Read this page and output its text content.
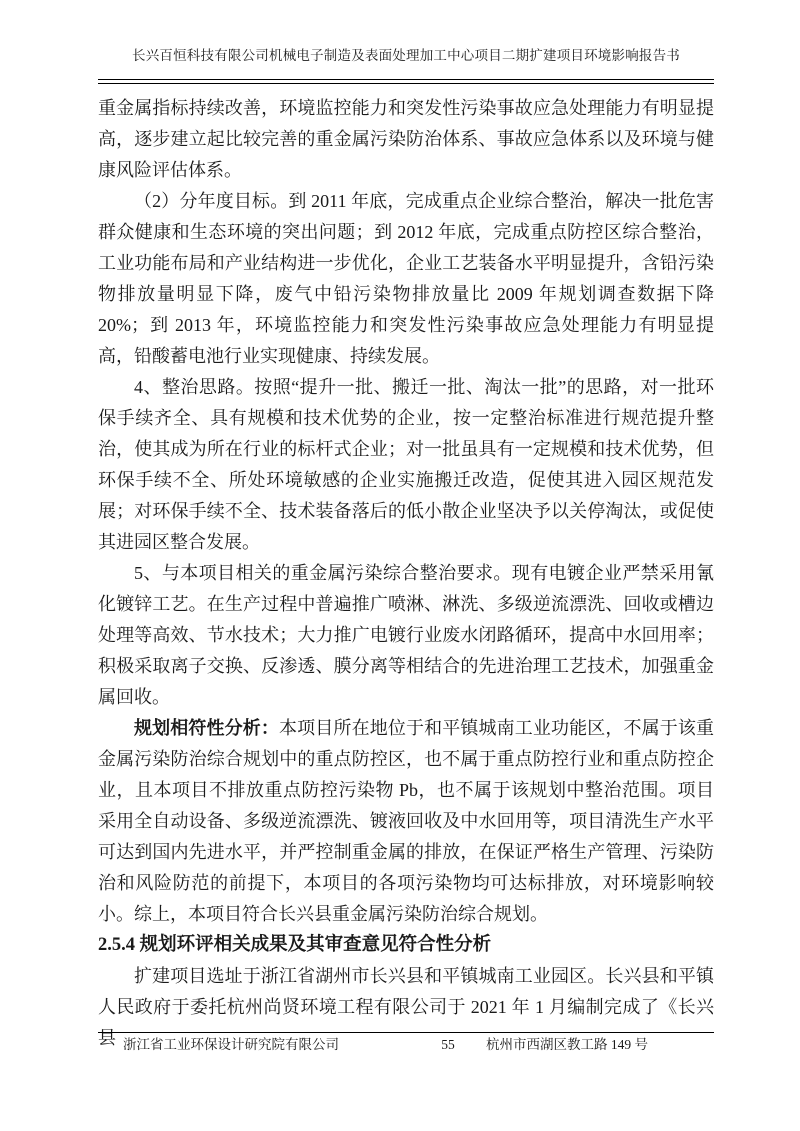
长兴百恒科技有限公司机械电子制造及表面处理加工中心项目二期扩建项目环境影响报告书

重金属指标持续改善，环境监控能力和突发性污染事故应急处理能力有明显提高，逐步建立起比较完善的重金属污染防治体系、事故应急体系以及环境与健康风险评估体系。

（2）分年度目标。到 2011 年底，完成重点企业综合整治，解决一批危害群众健康和生态环境的突出问题；到 2012 年底，完成重点防控区综合整治，工业功能布局和产业结构进一步优化，企业工艺装备水平明显提升，含铅污染物排放量明显下降，废气中铅污染物排放量比 2009 年规划调查数据下降 20%；到 2013 年，环境监控能力和突发性污染事故应急处理能力有明显提高，铅酸蓄电池行业实现健康、持续发展。

4、整治思路。按照“提升一批、搬迁一批、淘汰一批”的思路，对一批环保手续齐全、具有规模和技术优势的企业，按一定整治标准进行规范提升整治，使其成为所在行业的标杆式企业；对一批虽具有一定规模和技术优势，但环保手续不全、所处环境敏感的企业实施搬迁改造，促使其进入园区规范发展；对环保手续不全、技术装备落后的低小散企业坚决予以关停淘汰，或促使其进园区整合发展。

5、与本项目相关的重金属污染综合整治要求。现有电镀企业严禁采用氰化镀锌工艺。在生产过程中普遍推广喷淋、淋洗、多级逆流漂洗、回收或槽边处理等高效、节水技术；大力推广电镀行业废水闭路循环，提高中水回用率；积极采取离子交换、反渗透、膜分离等相结合的先进治理工艺技术，加强重金属回收。

规划相符性分析：本项目所在地位于和平镇城南工业功能区，不属于该重金属污染防治综合规划中的重点防控区，也不属于重点防控行业和重点防控企业，且本项目不排放重点防控污染物 Pb，也不属于该规划中整治范围。项目采用全自动设备、多级逆流漂洗、镀液回收及中水回用等，项目清洗生产水平可达到国内先进水平，并严控制重金属的排放，在保证严格生产管理、污染防治和风险防范的前提下，本项目的各项污染物均可达标排放，对环境影响较小。综上，本项目符合长兴县重金属污染防治综合规划。

2.5.4 规划环评相关成果及其审查意见符合性分析

扩建项目选址于浙江省湖州市长兴县和平镇城南工业园区。长兴县和平镇人民政府于委托杭州尚贤环境工程有限公司于 2021 年 1 月编制完成了《长兴县 浙江省工业环保设计研究院有限公司	55	杭州市西湖区教工路 149 号
